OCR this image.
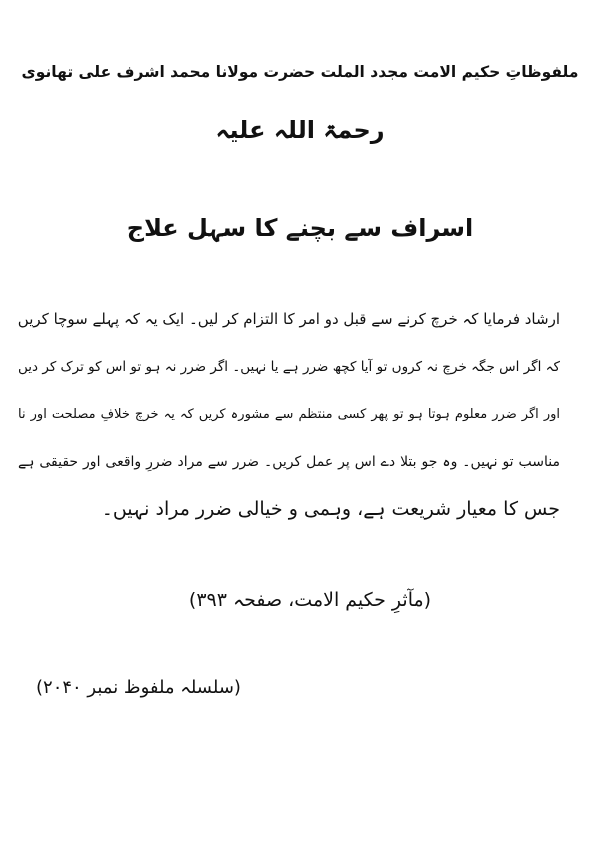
ملفوظاتِ حکیم الامت مجدد الملت حضرت مولانا محمد اشرف علی تھانوی
رحمۃ اللہ علیہ
اسراف سے بچنے کا سہل علاج
ارشاد فرمایا کہ خرچ کرنے سے قبل دو امر کا التزام کر لیں۔ ایک یہ کہ پہلے سوچا کریں
کہ اگر اس جگہ خرچ نہ کروں تو آیا کچھ ضرر ہے یا نہیں۔ اگر ضرر نہ ہو تو اس کو ترک کر دیں
اور اگر ضرر معلوم ہوتا ہو تو پھر کسی منتظم سے مشورہ کریں کہ یہ خرچ خلافِ مصلحت اور نا
مناسب تو نہیں۔ وہ جو بتلا دے اس پر عمل کریں۔ ضرر سے مراد ضررِ واقعی اور حقیقی ہے
جس کا معیار شریعت ہے، وہمی و خیالی ضرر مراد نہیں۔
(مآثرِ حکیم الامت، صفحہ ۳۹۳)
(سلسلہ ملفوظ نمبر ۲۰۴۰)
